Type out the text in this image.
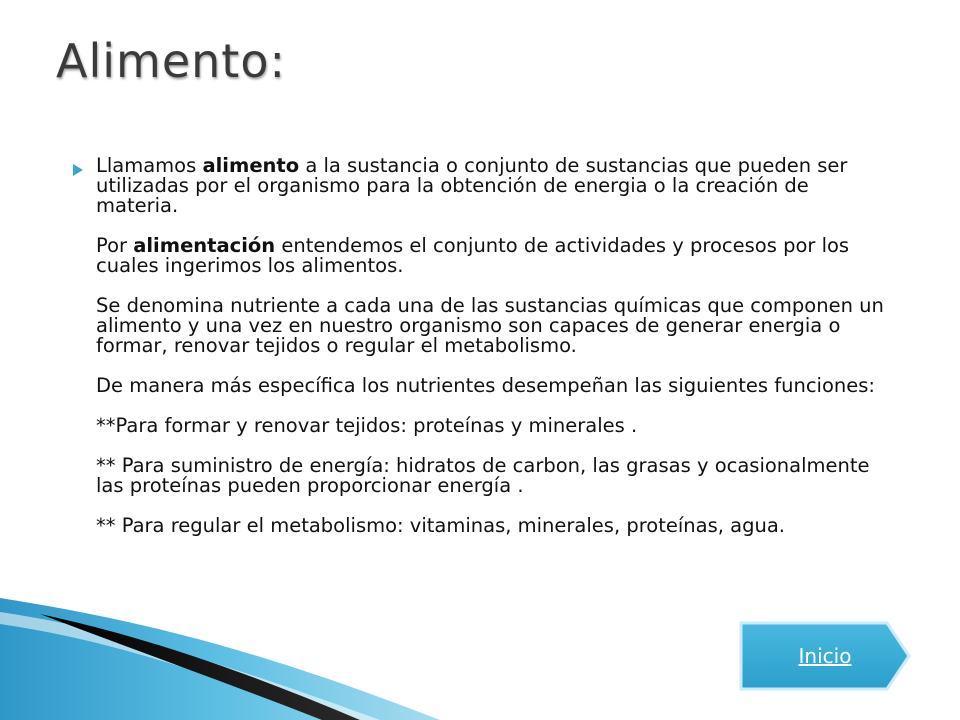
Alimento:

Llamamos alimento a la sustancia o conjunto de sustancias que pueden ser utilizadas por el organismo para la obtención de energia o la creación de materia.

Por alimentación entendemos el conjunto de actividades y procesos por los cuales ingerimos los alimentos.

Se denomina nutriente a cada una de las sustancias químicas que componen un alimento y una vez en nuestro organismo son capaces de generar energia o formar, renovar tejidos o regular el metabolismo.

De manera más específica los nutrientes desempeñan las siguientes funciones:

**Para formar y renovar tejidos: proteínas y minerales .

** Para suministro de energía: hidratos de carbon, las grasas y ocasionalmente las proteínas pueden proporcionar energía .

** Para regular el metabolismo: vitaminas, minerales, proteínas, agua.

Inicio
